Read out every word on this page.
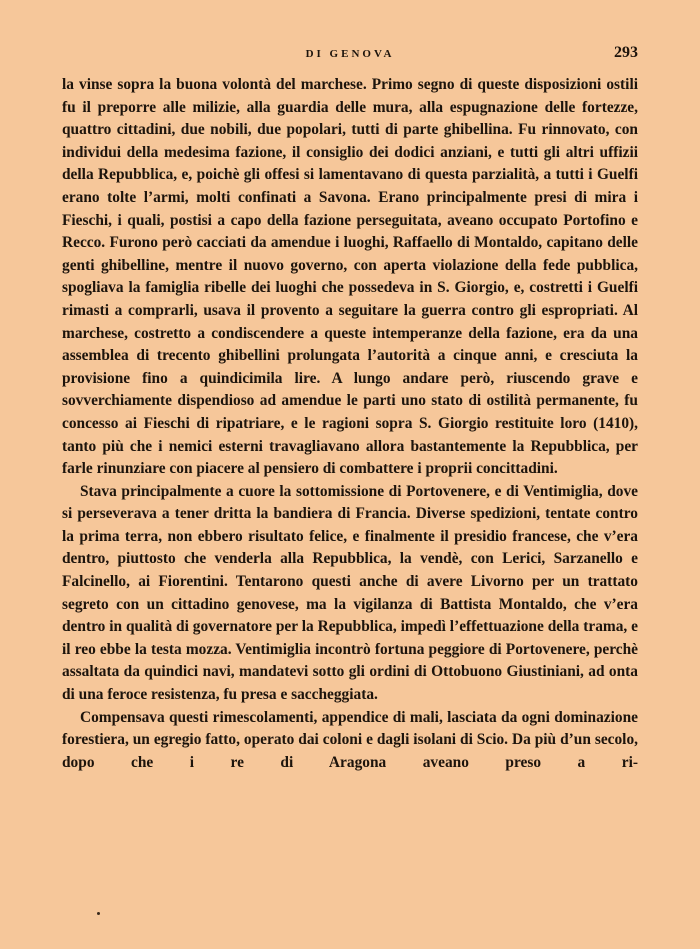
DI GENOVA	293

la vinse sopra la buona volontà del marchese. Primo segno di queste disposizioni ostili fu il preporre alle milizie, alla guardia delle mura, alla espugnazione delle fortezze, quattro cittadini, due nobili, due popolari, tutti di parte ghibellina. Fu rinnovato, con individui della medesima fazione, il consiglio dei dodici anziani, e tutti gli altri uffizii della Repubblica, e, poichè gli offesi si lamentavano di questa parzialità, a tutti i Guelfi erano tolte l’armi, molti confinati a Savona. Erano principalmente presi di mira i Fieschi, i quali, postisi a capo della fazione perseguitata, aveano occupato Portofino e Recco. Furono però cacciati da amendue i luoghi, Raffaello di Montaldo, capitano delle genti ghibelline, mentre il nuovo governo, con aperta violazione della fede pubblica, spogliava la famiglia ribelle dei luoghi che possedeva in S. Giorgio, e, costretti i Guelfi rimasti a comprarli, usava il provento a seguitare la guerra contro gli espropriati. Al marchese, costretto a condiscendere a queste intemperanze della fazione, era da una assemblea di trecento ghibellini prolungata l’autorità a cinque anni, e cresciuta la provisione fino a quindicimila lire. A lungo andare però, riuscendo grave e sovverchiamente dispendioso ad amendue le parti uno stato di ostilità permanente, fu concesso ai Fieschi di ripatriare, e le ragioni sopra S. Giorgio restituite loro (1410), tanto più che i nemici esterni travagliavano allora bastantemente la Repubblica, per farle rinunziare con piacere al pensiero di combattere i proprii concittadini.

Stava principalmente a cuore la sottomissione di Portovenere, e di Ventimiglia, dove si perseverava a tener dritta la bandiera di Francia. Diverse spedizioni, tentate contro la prima terra, non ebbero risultato felice, e finalmente il presidio francese, che v’era dentro, piuttosto che venderla alla Repubblica, la vendè, con Lerici, Sarzanello e Falcinello, ai Fiorentini. Tentarono questi anche di avere Livorno per un trattato segreto con un cittadino genovese, ma la vigilanza di Battista Montaldo, che v’era dentro in qualità di governatore per la Repubblica, impedì l’effettuazione della trama, e il reo ebbe la testa mozza. Ventimiglia incontrò fortuna peggiore di Portovenere, perchè assaltata da quindici navi, mandatevi sotto gli ordini di Ottobuono Giustiniani, ad onta di una feroce resistenza, fu presa e saccheggiata.

Compensava questi rimescolamenti, appendice di mali, lasciata da ogni dominazione forestiera, un egregio fatto, operato dai coloni e dagli isolani di Scio. Da più d’un secolo, dopo che i re di Aragona aveano preso a ri-
